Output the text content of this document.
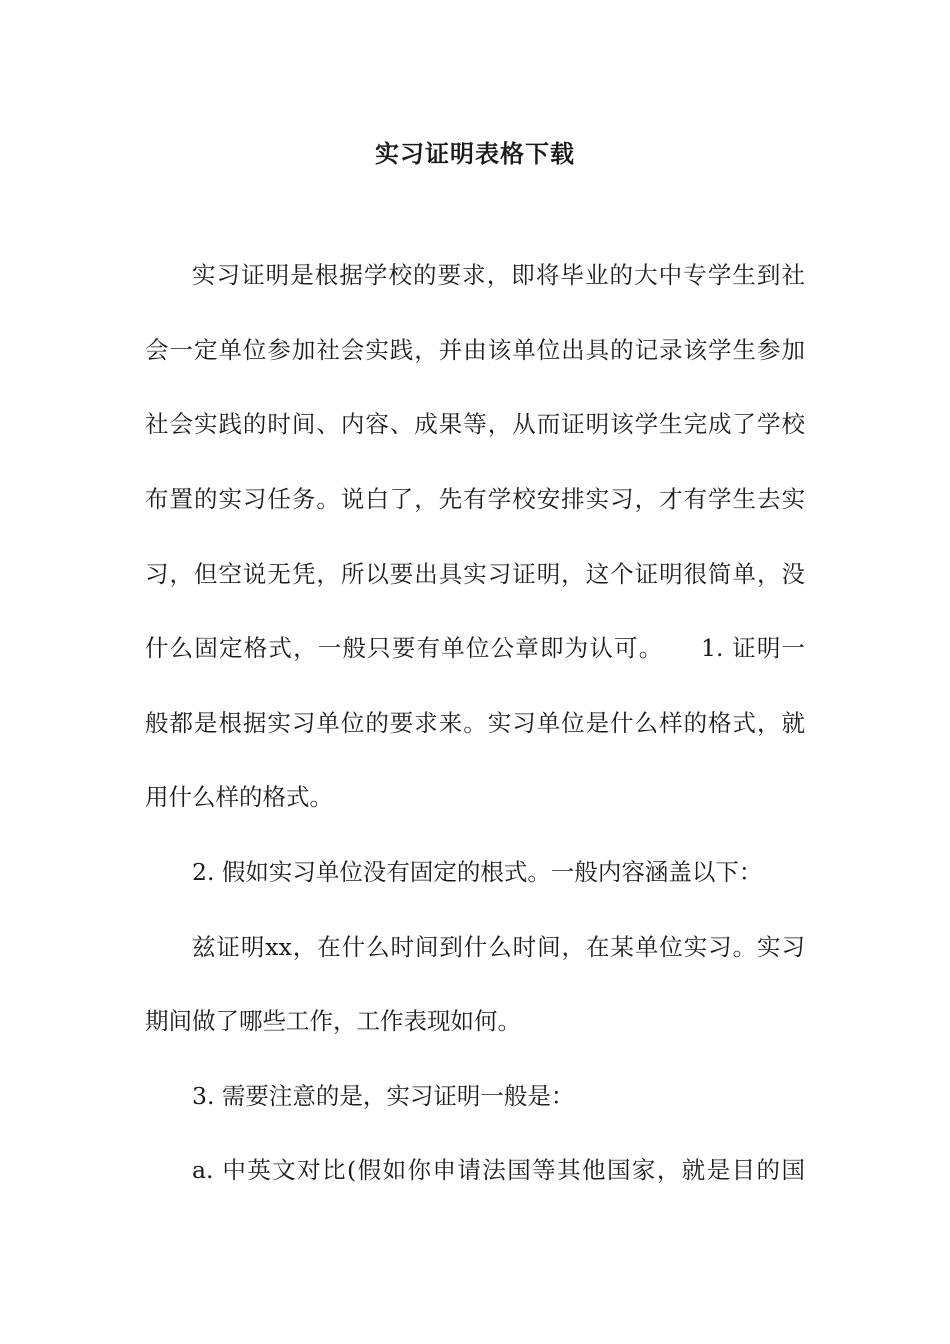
实习证明表格下载
实习证明是根据学校的要求，即将毕业的大中专学生到社
会一定单位参加社会实践，并由该单位出具的记录该学生参加
社会实践的时间、内容、成果等，从而证明该学生完成了学校
布置的实习任务。说白了，先有学校安排实习，才有学生去实
习，但空说无凭，所以要出具实习证明，这个证明很简单，没
什么固定格式，一般只要有单位公章即为认可。　　1. 证明一
般都是根据实习单位的要求来。实习单位是什么样的格式，就
用什么样的格式。
2. 假如实习单位没有固定的根式。一般内容涵盖以下：
兹证明xx，在什么时间到什么时间，在某单位实习。实习
期间做了哪些工作，工作表现如何。
3. 需要注意的是，实习证明一般是：
a. 中英文对比(假如你申请法国等其他国家，就是目的国
